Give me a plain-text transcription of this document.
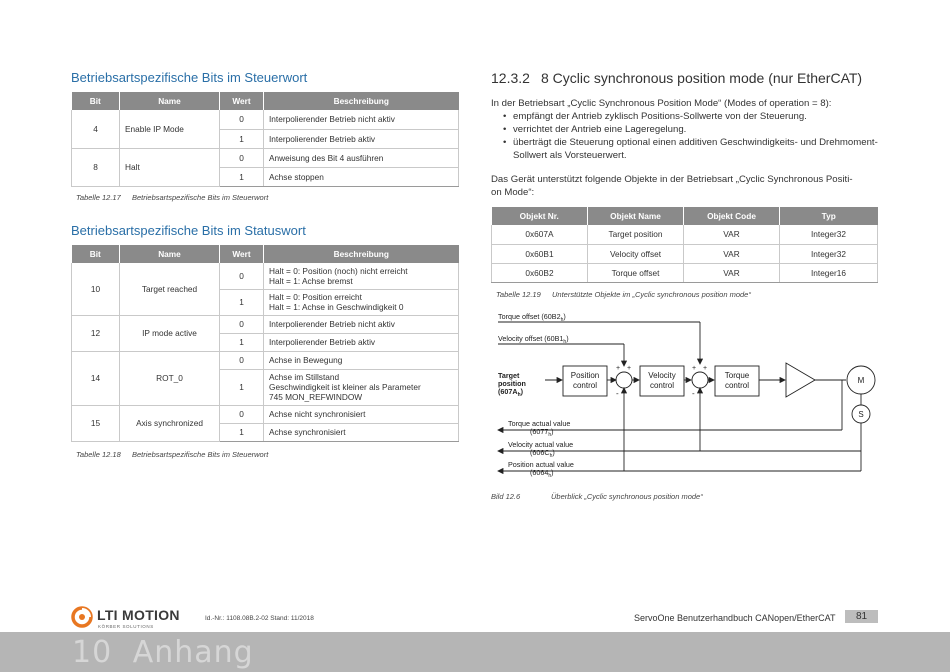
Betriebsartspezifische Bits im Steuerwort
Bit	Name	Wert	Beschreibung
4	Enable IP Mode	0	Interpolierender Betrieb nicht aktiv
		1	Interpolierender Betrieb aktiv
8	Halt	0	Anweisung des Bit 4 ausführen
		1	Achse stoppen
Tabelle 12.17 Betriebsartspezifische Bits im Steuerwort
Betriebsartspezifische Bits im Statuswort
Bit	Name	Wert	Beschreibung
10	Target reached	0	Halt = 0: Position (noch) nicht erreicht
Halt = 1: Achse bremst
		1	Halt = 0: Position erreicht
Halt = 1: Achse in Geschwindigkeit 0
12	IP mode active	0	Interpolierender Betrieb nicht aktiv
		1	Interpolierender Betrieb aktiv
14	ROT_0	0	Achse in Bewegung
		1	Achse im Stillstand
Geschwindigkeit ist kleiner als Parameter
745 MON_REFWINDOW
15	Axis synchronized	0	Achse nicht synchronisiert
		1	Achse synchronisiert
Tabelle 12.18 Betriebsartspezifische Bits im Steuerwort
12.3.2 8 Cyclic synchronous position mode (nur EtherCAT)
In der Betriebsart „Cyclic Synchronous Position Mode“ (Modes of operation = 8):
• empfängt der Antrieb zyklisch Positions-Sollwerte von der Steuerung.
• verrichtet der Antrieb eine Lageregelung.
• überträgt die Steuerung optional einen additiven Geschwindigkeits- und Drehmoment-Sollwert als Vorsteuerwert.
Das Gerät unterstützt folgende Objekte in der Betriebsart „Cyclic Synchronous Positi-
on Mode“:
Objekt Nr.	Objekt Name	Objekt Code	Typ
0x607A	Target position	VAR	Integer32
0x60B1	Velocity offset	VAR	Integer32
0x60B2	Torque offset	VAR	Integer16
Tabelle 12.19 Unterstützte Objekte im „Cyclic synchronous position mode“
Torque offset $(60B2_h)$
Velocity offset $(60B1_h)$
Target
position
$(607A_h)$
Position
control
Velocity
control
Torque
control
M
S
+ +
-
+ +
-
Torque actual value
$(6077_h)$
Velocity actual value
$(606C_h)$
Position actual value
$(6064_h)$
Bild 12.6	Überblick „Cyclic synchronous position mode“
LTI MOTION
KÖRBER SOLUTIONS
Id.-Nr.: 1108.08B.2-02 Stand: 11/2018	ServoOne Benutzerhandbuch CANopen/EtherCAT	81
10 Anhang
